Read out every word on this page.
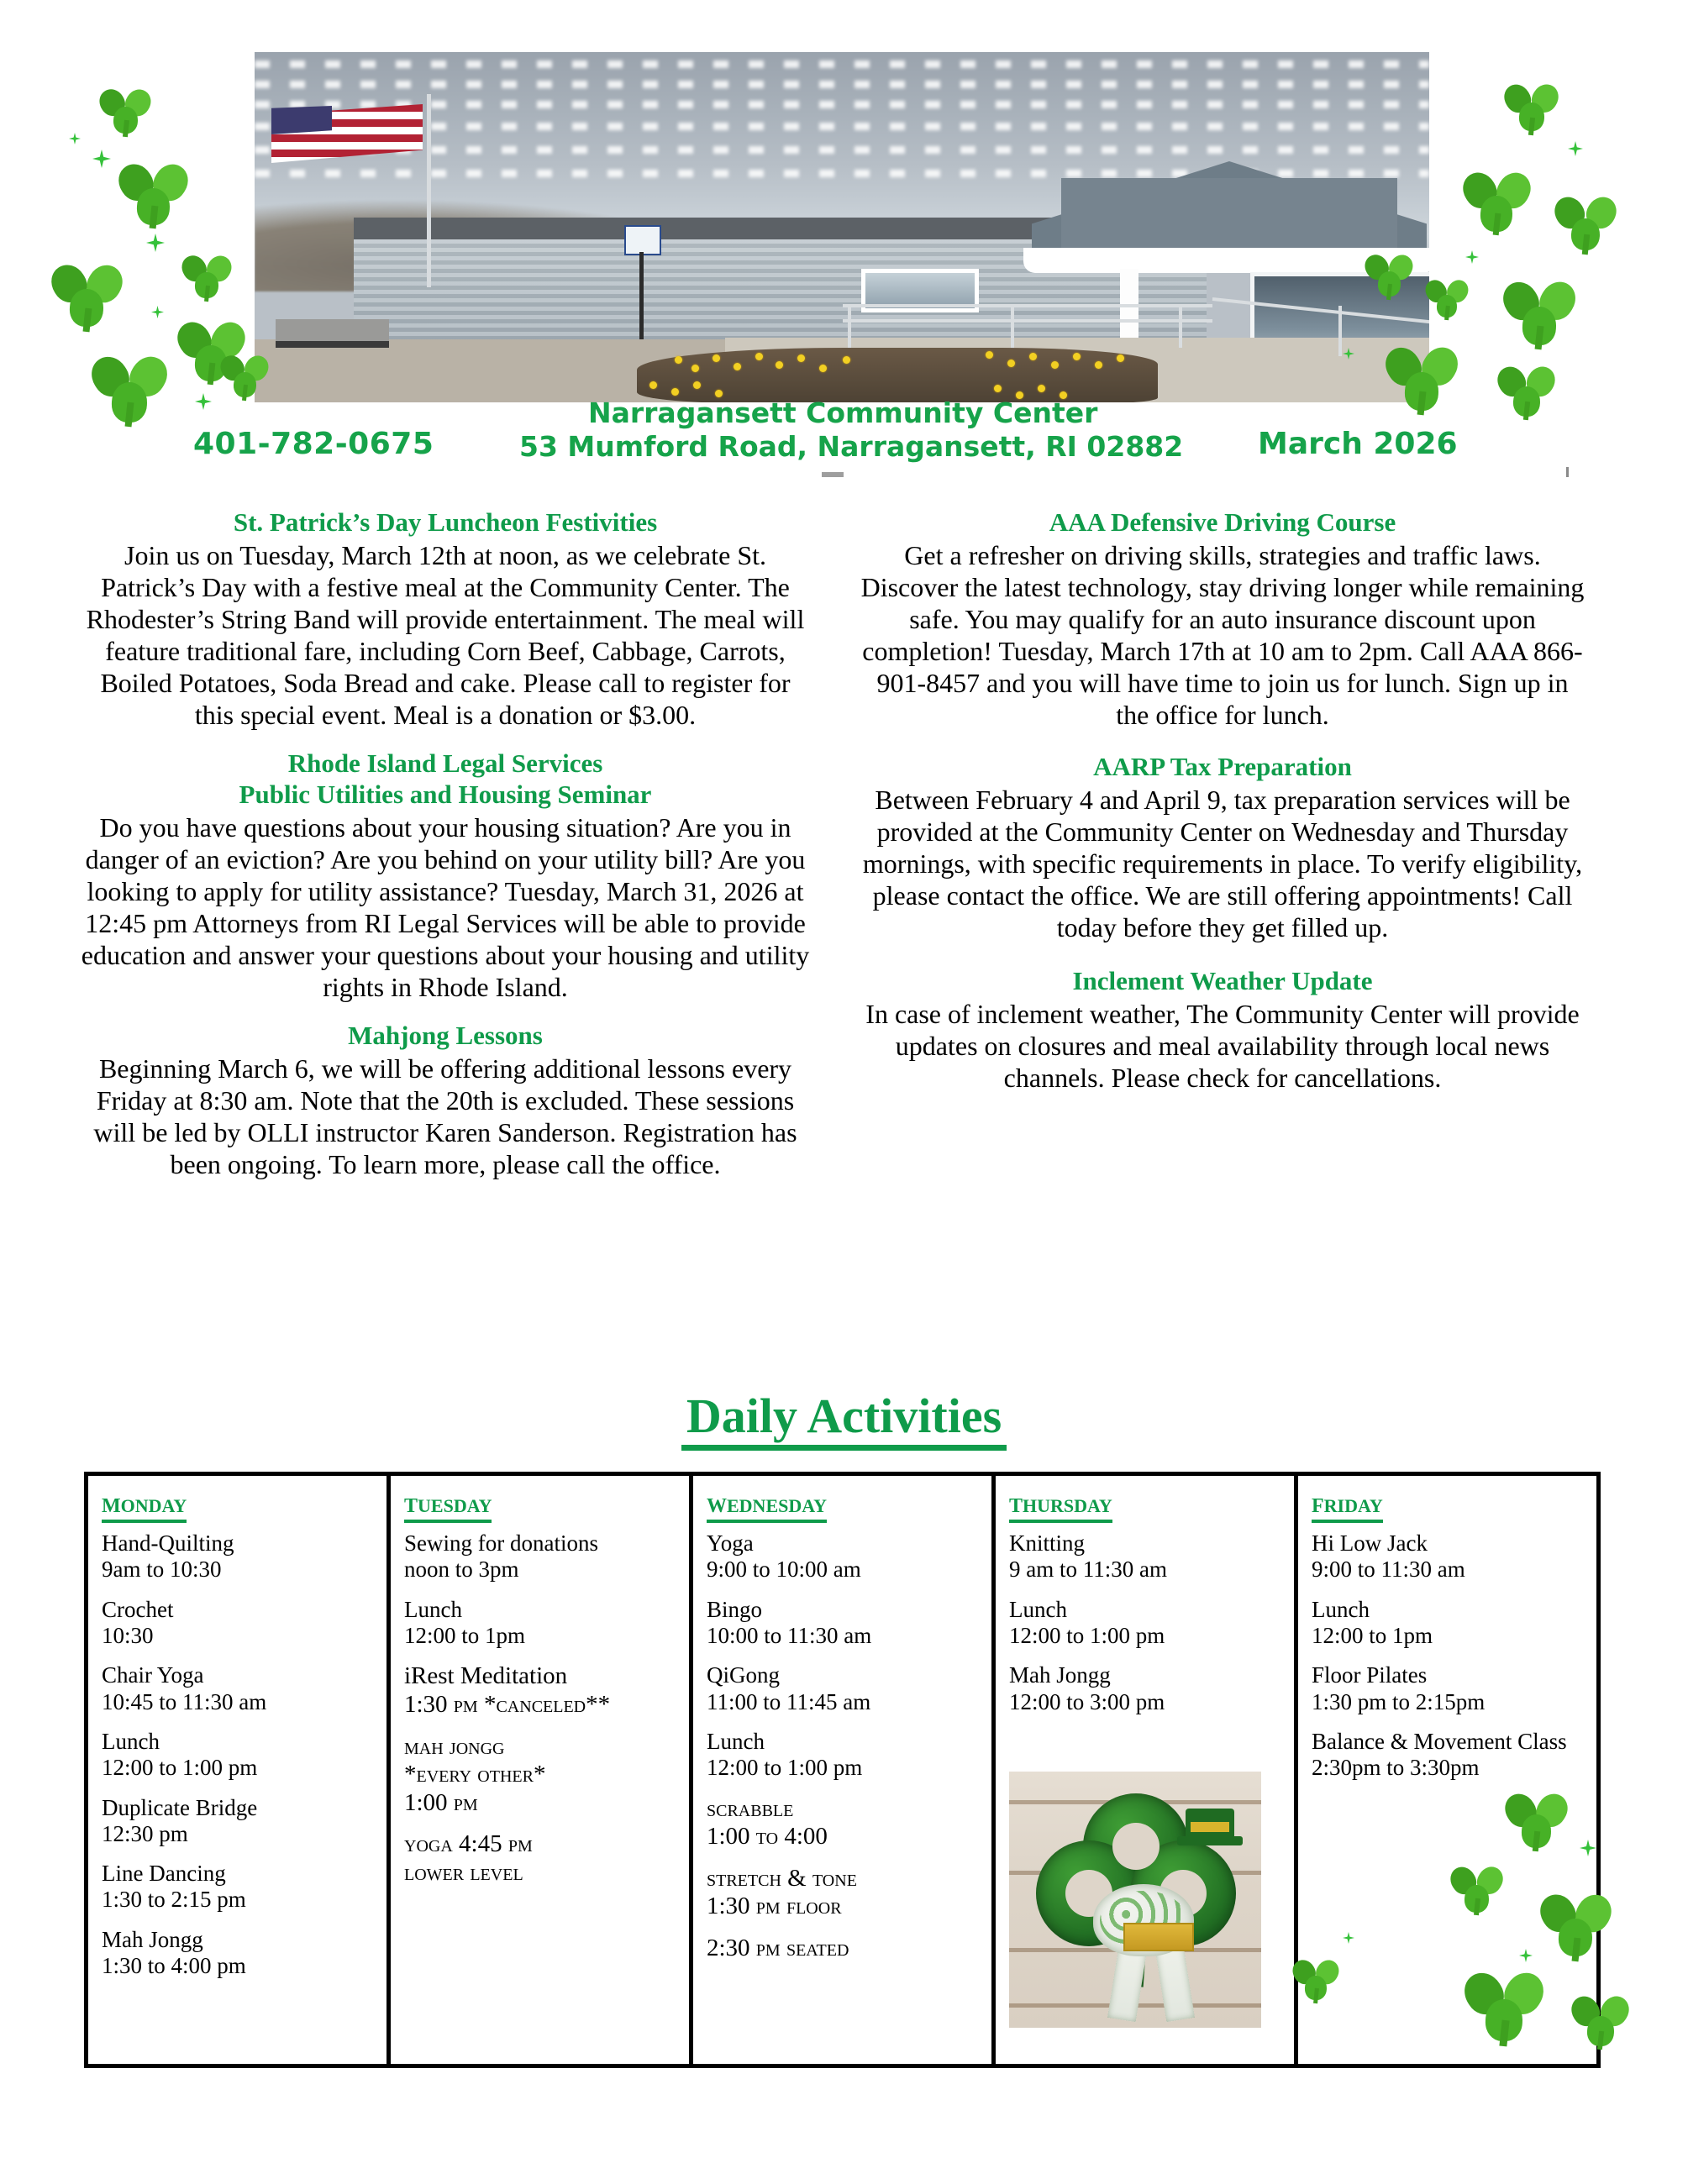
401-782-0675
Narragansett Community Center
53 Mumford Road, Narragansett, RI 02882 March 2026
St. Patrick’s Day Luncheon Festivities

Join us on Tuesday, March 12th at noon, as we celebrate St. Patrick’s Day with a festive meal at the Community Center. The Rhodester’s String Band will provide entertainment. The meal will feature traditional fare, including Corn Beef, Cabbage, Carrots, Boiled Potatoes, Soda Bread and cake. Please call to register for this special event. Meal is a donation or $3.00.

Rhode Island Legal Services
Public Utilities and Housing Seminar

Do you have questions about your housing situation? Are you in danger of an eviction? Are you behind on your utility bill? Are you looking to apply for utility assistance? Tuesday, March 31, 2026 at 12:45 pm Attorneys from RI Legal Services will be able to provide education and answer your questions about your housing and utility rights in Rhode Island.

Mahjong Lessons

Beginning March 6, we will be offering additional lessons every Friday at 8:30 am. Note that the 20th is excluded. These sessions will be led by OLLI instructor Karen Sanderson. Registration has been ongoing. To learn more, please call the office.

AAA Defensive Driving Course

Get a refresher on driving skills, strategies and traffic laws. Discover the latest technology, stay driving longer while remaining safe. You may qualify for an auto insurance discount upon completion! Tuesday, March 17th at 10 am to 2pm. Call AAA 866-901-8457 and you will have time to join us for lunch. Sign up in the office for lunch.

AARP Tax Preparation

Between February 4 and April 9, tax preparation services will be provided at the Community Center on Wednesday and Thursday mornings, with specific requirements in place. To verify eligibility, please contact the office. We are still offering appointments! Call today before they get filled up.

Inclement Weather Update

In case of inclement weather, The Community Center will provide updates on closures and meal availability through local news channels. Please check for cancellations.

Daily Activities
monday
Hand-Quilting
9am to 10:30
Crochet
10:30
Chair Yoga
10:45 to 11:30 am
Lunch
12:00 to 1:00 pm
Duplicate Bridge
12:30 pm
Line Dancing
1:30 to 2:15 pm
Mah Jongg
1:30 to 4:00 pm
tuesday
Sewing for donations
noon to 3pm
Lunch
12:00 to 1pm
iRest Meditation
1:30 pm *canceled**
mah jongg
*every other*
1:00 pm
yoga 4:45 pm
lower level
wednesday
Yoga
9:00 to 10:00 am
Bingo
10:00 to 11:30 am
QiGong
11:00 to 11:45 am
Lunch
12:00 to 1:00 pm
scrabble
1:00 to 4:00
stretch & tone
1:30 pm floor
2:30 pm seated
thursday
Knitting
9 am to 11:30 am
Lunch
12:00 to 1:00 pm
Mah Jongg
12:00 to 3:00 pm
friday
Hi Low Jack
9:00 to 11:30 am
Lunch
12:00 to 1pm
Floor Pilates
1:30 pm to 2:15pm
Balance & Movement Class
2:30pm to 3:30pm
